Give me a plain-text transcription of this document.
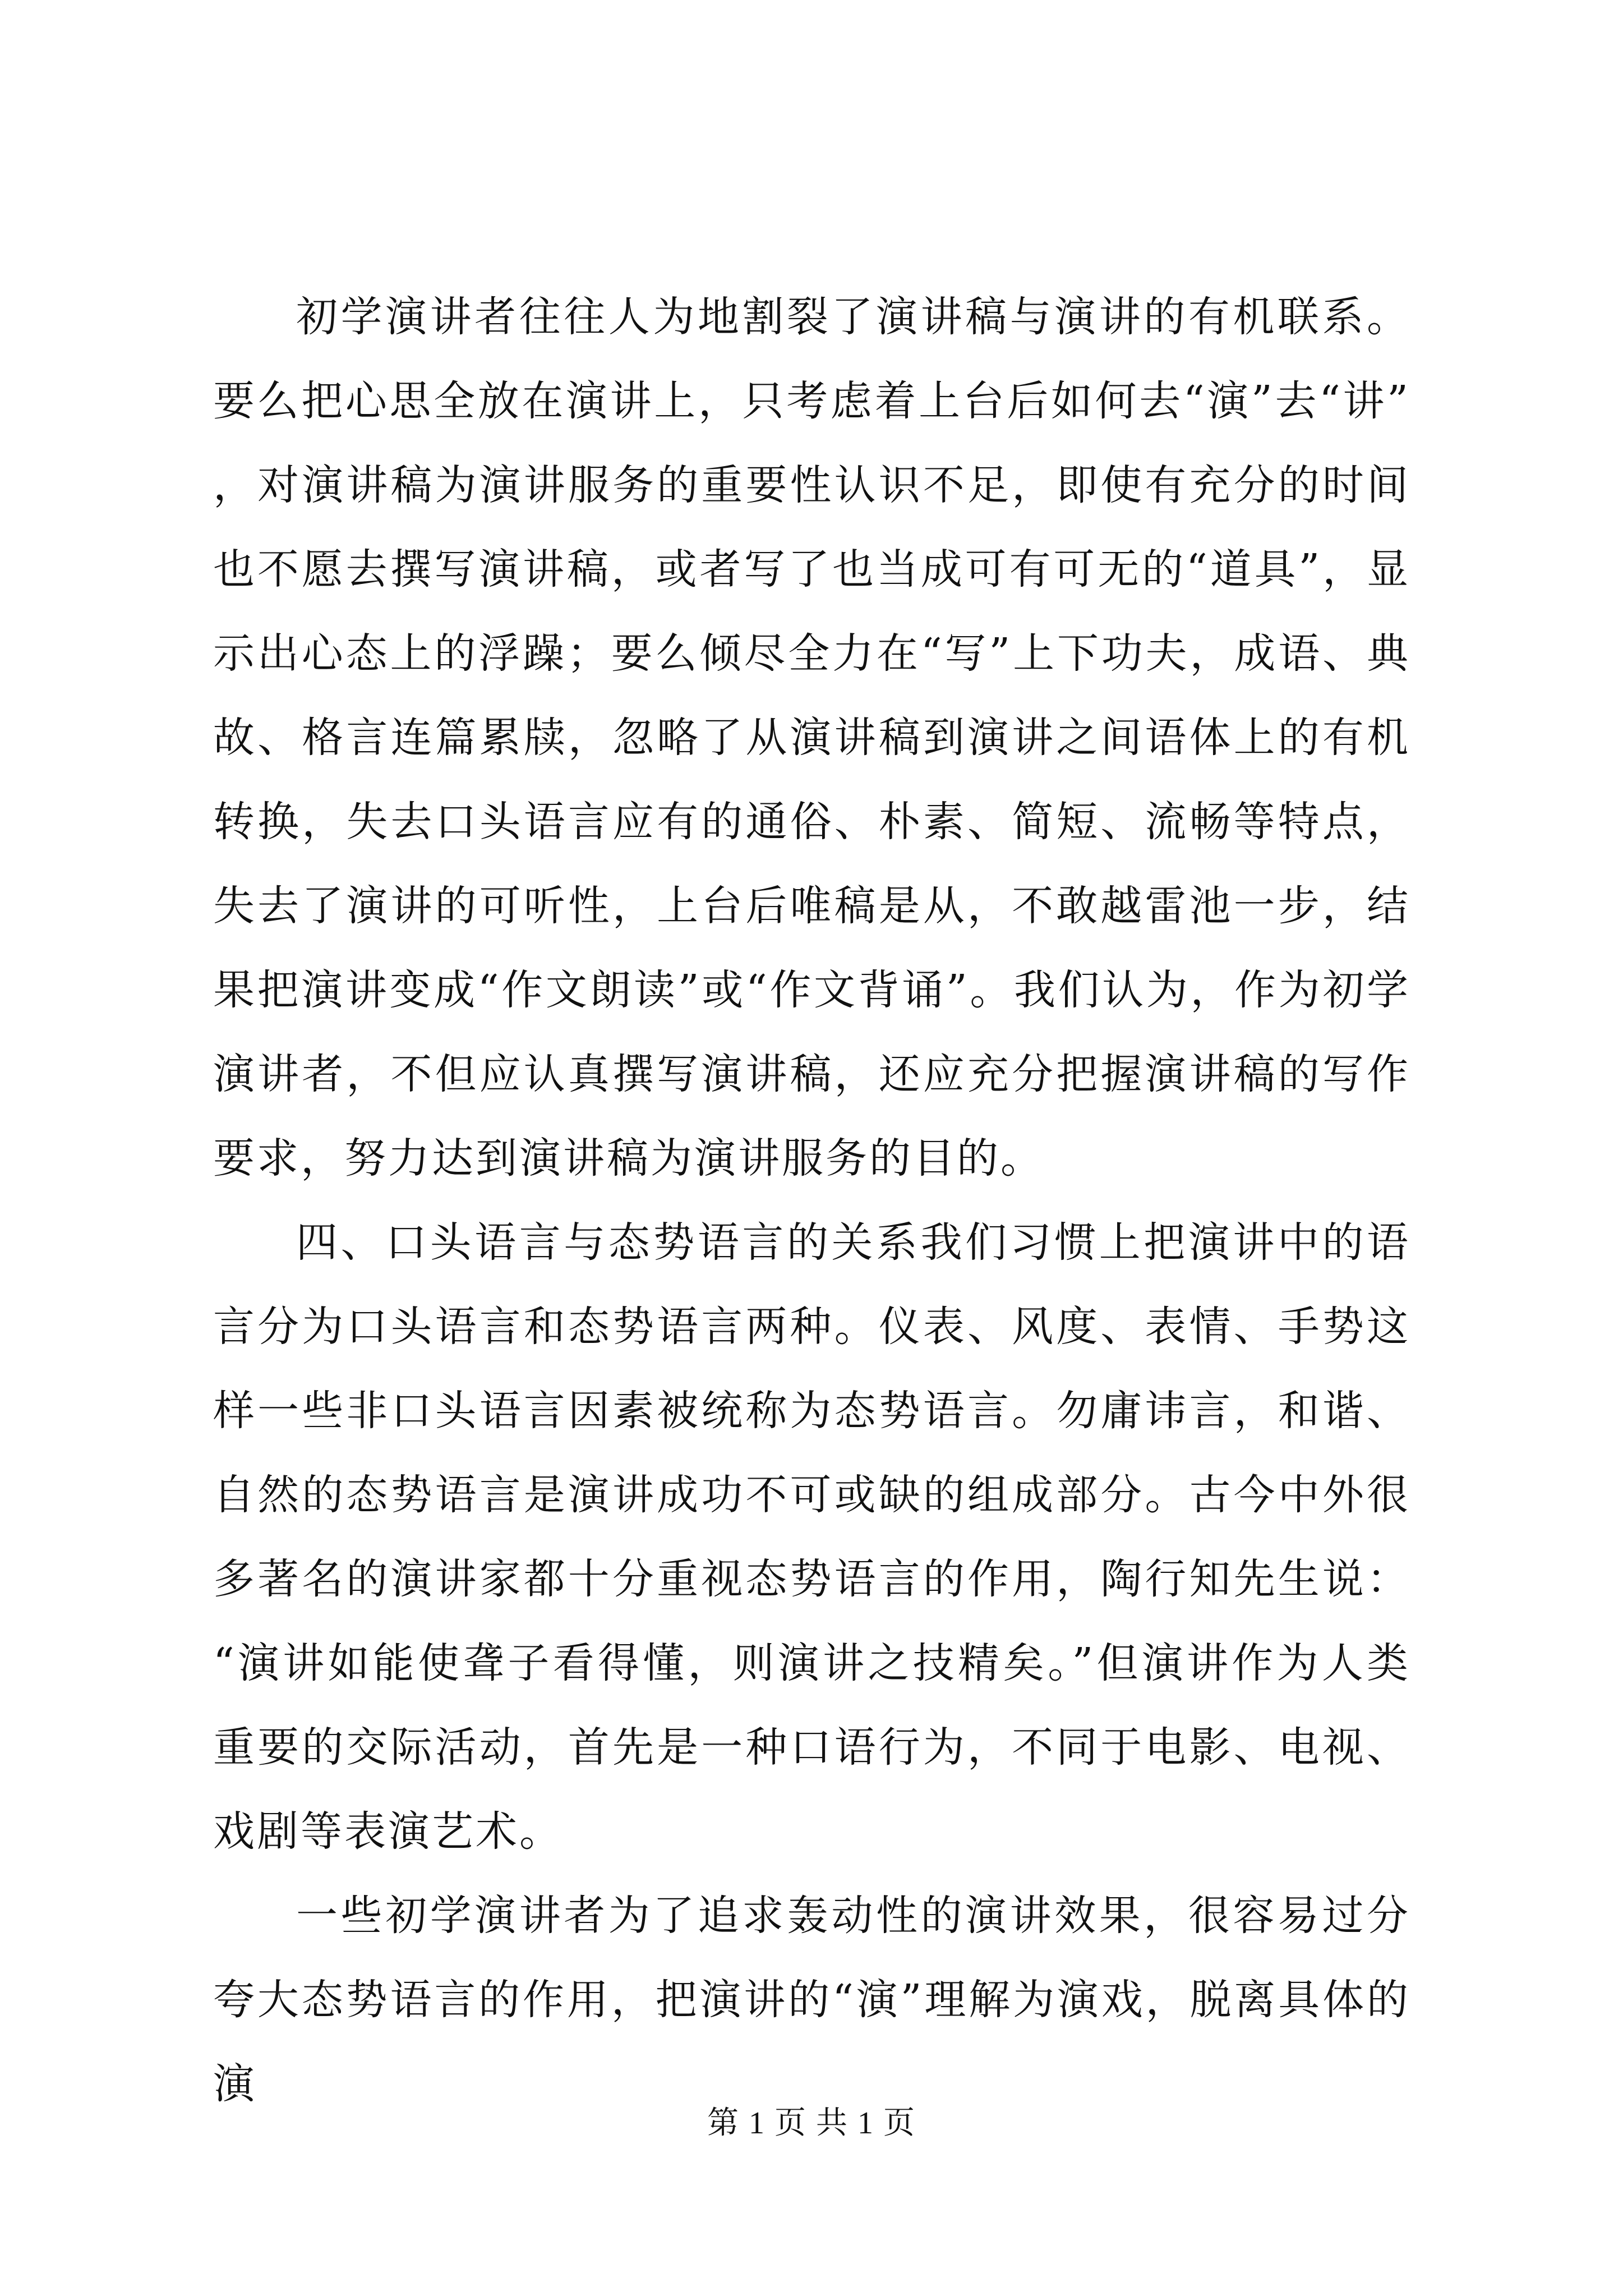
初学演讲者往往人为地割裂了演讲稿与演讲的有机联系。要么把心思全放在演讲上，只考虑着上台后如何去“演”去“讲”，对演讲稿为演讲服务的重要性认识不足，即使有充分的时间也不愿去撰写演讲稿，或者写了也当成可有可无的“道具”，显示出心态上的浮躁；要么倾尽全力在“写”上下功夫，成语、典故、格言连篇累牍，忽略了从演讲稿到演讲之间语体上的有机转换，失去口头语言应有的通俗、朴素、简短、流畅等特点，失去了演讲的可听性，上台后唯稿是从，不敢越雷池一步，结果把演讲变成“作文朗读”或“作文背诵”。我们认为，作为初学演讲者，不但应认真撰写演讲稿，还应充分把握演讲稿的写作要求，努力达到演讲稿为演讲服务的目的。

四、口头语言与态势语言的关系我们习惯上把演讲中的语言分为口头语言和态势语言两种。仪表、风度、表情、手势这样一些非口头语言因素被统称为态势语言。勿庸讳言，和谐、自然的态势语言是演讲成功不可或缺的组成部分。古今中外很多著名的演讲家都十分重视态势语言的作用，陶行知先生说：“演讲如能使聋子看得懂，则演讲之技精矣。”但演讲作为人类重要的交际活动，首先是一种口语行为，不同于电影、电视、戏剧等表演艺术。

一些初学演讲者为了追求轰动性的演讲效果，很容易过分夸大态势语言的作用，把演讲的“演”理解为演戏，脱离具体的演

第 1 页 共 1 页
